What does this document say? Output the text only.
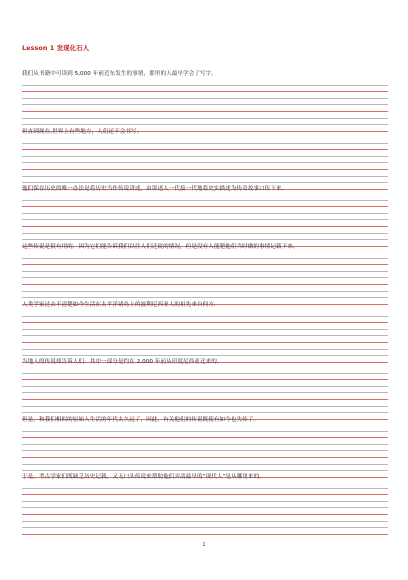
Lesson 1 发现化石人
我们从书籍中可读到 5,000 年前近东发生的事情，那里的人最早学会了写字。
但直到现在,世界上有些地方，人们还不会书写。
他们保存历史的唯一办法是将历史当作传说讲述，由讲述人一代接一代地将史实描述为传奇故事口传下来。
这些传说是很有用的，因为它们能告诉我们以往人们迁徙的情况，但是没有人能肥他们当时做的事情记载下来。
人类学家过去不清楚如今生活在太平洋诸岛上的波利尼西亚人的祖先来自何方.
当地人的传说却告诉人们：其中一部分是约在 2,000 年前从印度尼西亚迁来的。
但是，和我们相似的原始人生活的年代太久远了，因此，有关他们的传说既使有如今也失传了。
于是，考古学家们既缺乏历史记载，又无口头传说来帮助他们弄清最早的“现代人”是从哪里来的。
1
